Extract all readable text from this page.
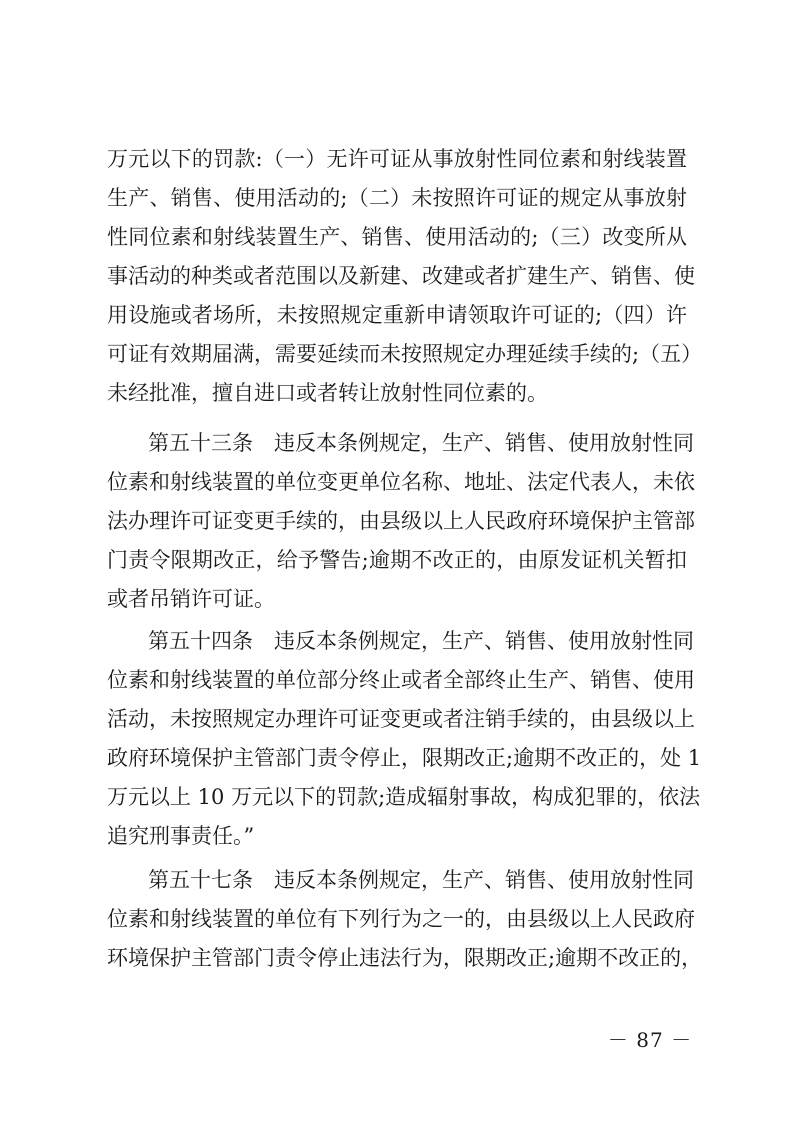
万元以下的罚款:（一）无许可证从事放射性同位素和射线装置
生产、销售、使用活动的;（二）未按照许可证的规定从事放射
性同位素和射线装置生产、销售、使用活动的;（三）改变所从
事活动的种类或者范围以及新建、改建或者扩建生产、销售、使
用设施或者场所，未按照规定重新申请领取许可证的;（四）许
可证有效期届满，需要延续而未按照规定办理延续手续的;（五）
未经批准，擅自进口或者转让放射性同位素的。
第五十三条　违反本条例规定，生产、销售、使用放射性同
位素和射线装置的单位变更单位名称、地址、法定代表人，未依
法办理许可证变更手续的，由县级以上人民政府环境保护主管部
门责令限期改正，给予警告;逾期不改正的，由原发证机关暂扣
或者吊销许可证。
第五十四条　违反本条例规定，生产、销售、使用放射性同
位素和射线装置的单位部分终止或者全部终止生产、销售、使用
活动，未按照规定办理许可证变更或者注销手续的，由县级以上
政府环境保护主管部门责令停止，限期改正;逾期不改正的，处 1
万元以上 10 万元以下的罚款;造成辐射事故，构成犯罪的，依法
追究刑事责任。”
第五十七条　违反本条例规定，生产、销售、使用放射性同
位素和射线装置的单位有下列行为之一的，由县级以上人民政府
环境保护主管部门责令停止违法行为，限期改正;逾期不改正的，
－ 87 －
